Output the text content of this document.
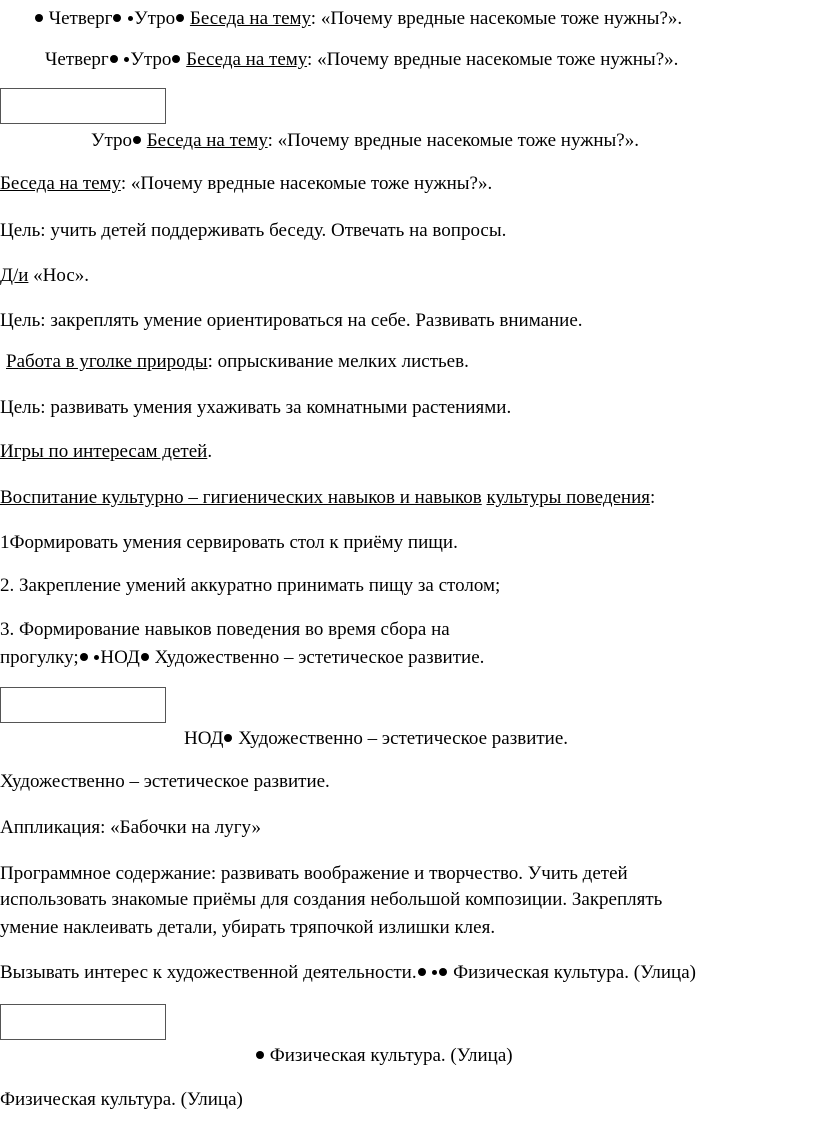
Четверг Утро Беседа на тему: «Почему вредные насекомые тоже нужны?».
Четверг Утро Беседа на тему: «Почему вредные насекомые тоже нужны?».
Утро Беседа на тему: «Почему вредные насекомые тоже нужны?».
Беседа на тему: «Почему вредные насекомые тоже нужны?».
Цель: учить детей поддерживать беседу. Отвечать на вопросы.
Д/и «Нос».
Цель: закреплять умение ориентироваться на себе. Развивать внимание.
Работа в уголке природы: опрыскивание мелких листьев.
Цель: развивать умения ухаживать за комнатными растениями.
Игры по интересам детей.
Воспитание культурно – гигиенических навыков и навыков культуры поведения:
1Формировать умения сервировать стол к приёму пищи.
2. Закрепление умений аккуратно принимать пищу за столом;
3. Формирование навыков поведения во время сбора на
прогулку; НОД Художественно – эстетическое развитие.
НОД Художественно – эстетическое развитие.
Художественно – эстетическое развитие.
Аппликация: «Бабочки на лугу»
Программное содержание: развивать воображение и творчество. Учить детей
использовать знакомые приёмы для создания небольшой композиции. Закреплять
умение наклеивать детали, убирать тряпочкой излишки клея.
Вызывать интерес к художественной деятельности.  Физическая культура. (Улица)
Физическая культура. (Улица)
Физическая культура. (Улица)
